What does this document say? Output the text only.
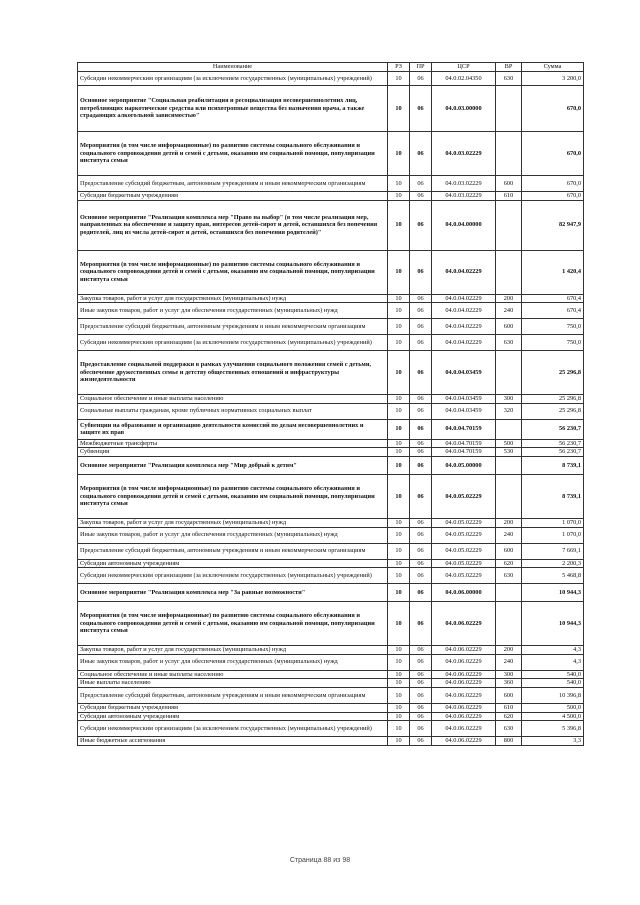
Наименование	РЗ	ПР	ЦСР	ВР	Сумма
Субсидии некоммерческим организациям (за исключением государственных (муниципальных) учреждений)	10	06	04.0.02.04350	630	3 200,0
Основное мероприятие "Социальная реабилитация и ресоциализация несовершеннолетних лиц, потребляющих наркотические средства или психотропные вещества без назначения врача, а также страдающих алкогольной зависимостью"	10	06	04.0.03.00000		670,0
Мероприятия (в том числе информационные) по развитию системы социального обслуживания и социального сопровождения детей и семей с детьми, оказанию им социальной помощи, популяризации института семьи	10	06	04.0.03.02229		670,0
Предоставление субсидий бюджетным, автономным учреждениям и иным некоммерческим организациям	10	06	04.0.03.02229	600	670,0
Субсидии бюджетным учреждениям	10	06	04.0.03.02229	610	670,0
Основное мероприятие "Реализация комплекса мер "Право на выбор" (в том числе реализация мер, направленных на обеспечение и защиту прав, интересов детей-сирот и детей, оставшихся без попечения родителей, лиц из числа детей-сирот и детей, оставшихся без попечения родителей)"	10	06	04.0.04.00000		82 947,9
Мероприятия (в том числе информационные) по развитию системы социального обслуживания и социального сопровождения детей и семей с детьми, оказанию им социальной помощи, популяризации института семьи	10	06	04.0.04.02229		1 420,4
Закупка товаров, работ и услуг для государственных (муниципальных) нужд	10	06	04.0.04.02229	200	670,4
Иные закупки товаров, работ и услуг для обеспечения государственных (муниципальных) нужд	10	06	04.0.04.02229	240	670,4
Предоставление субсидий бюджетным, автономным учреждениям и иным некоммерческим организациям	10	06	04.0.04.02229	600	750,0
Субсидии некоммерческим организациям (за исключением государственных (муниципальных) учреждений)	10	06	04.0.04.02229	630	750,0
Предоставление социальной поддержки в рамках улучшения социального положения семей с детьми, обеспечение дружественных семье и детству общественных отношений и инфраструктуры жизнедеятельности	10	06	04.0.04.03459		25 296,8
Социальное обеспечение и иные выплаты населению	10	06	04.0.04.03459	300	25 296,8
Социальные выплаты гражданам, кроме публичных нормативных социальных выплат	10	06	04.0.04.03459	320	25 296,8
Субвенции на образование и организацию деятельности комиссий по делам несовершеннолетних и защите их прав	10	06	04.0.04.70159		56 230,7
Межбюджетные трансферты	10	06	04.0.04.70159	500	56 230,7
Субвенции	10	06	04.0.04.70159	530	56 230,7
Основное мероприятие "Реализация комплекса мер "Мир добрый к детям"	10	06	04.0.05.00000		8 739,1
Мероприятия (в том числе информационные) по развитию системы социального обслуживания и социального сопровождения детей и семей с детьми, оказанию им социальной помощи, популяризации института семьи	10	06	04.0.05.02229		8 739,1
Закупка товаров, работ и услуг для государственных (муниципальных) нужд	10	06	04.0.05.02229	200	1 070,0
Иные закупки товаров, работ и услуг для обеспечения государственных (муниципальных) нужд	10	06	04.0.05.02229	240	1 070,0
Предоставление субсидий бюджетным, автономным учреждениям и иным некоммерческим организациям	10	06	04.0.05.02229	600	7 669,1
Субсидии автономным учреждениям	10	06	04.0.05.02229	620	2 200,3
Субсидии некоммерческим организациям (за исключением государственных (муниципальных) учреждений)	10	06	04.0.05.02229	630	5 468,8
Основное мероприятие "Реализация комплекса мер "За равные возможности"	10	06	04.0.06.00000		10 944,3
Мероприятия (в том числе информационные) по развитию системы социального обслуживания и социального сопровождения детей и семей с детьми, оказанию им социальной помощи, популяризации института семьи	10	06	04.0.06.02229		10 944,3
Закупка товаров, работ и услуг для государственных (муниципальных) нужд	10	06	04.0.06.02229	200	4,3
Иные закупки товаров, работ и услуг для обеспечения государственных (муниципальных) нужд	10	06	04.0.06.02229	240	4,3
Социальное обеспечение и иные выплаты населению	10	06	04.0.06.02229	300	540,0
Иные выплаты населению	10	06	04.0.06.02229	360	540,0
Предоставление субсидий бюджетным, автономным учреждениям и иным некоммерческим организациям	10	06	04.0.06.02229	600	10 396,8
Субсидии бюджетным учреждениям	10	06	04.0.06.02229	610	500,0
Субсидии автономным учреждениям	10	06	04.0.06.02229	620	4 500,0
Субсидии некоммерческим организациям (за исключением государственных (муниципальных) учреждений)	10	06	04.0.06.02229	630	5 396,8
Иные бюджетные ассигнования	10	06	04.0.06.02229	800	3,3
Страница 88 из 98
